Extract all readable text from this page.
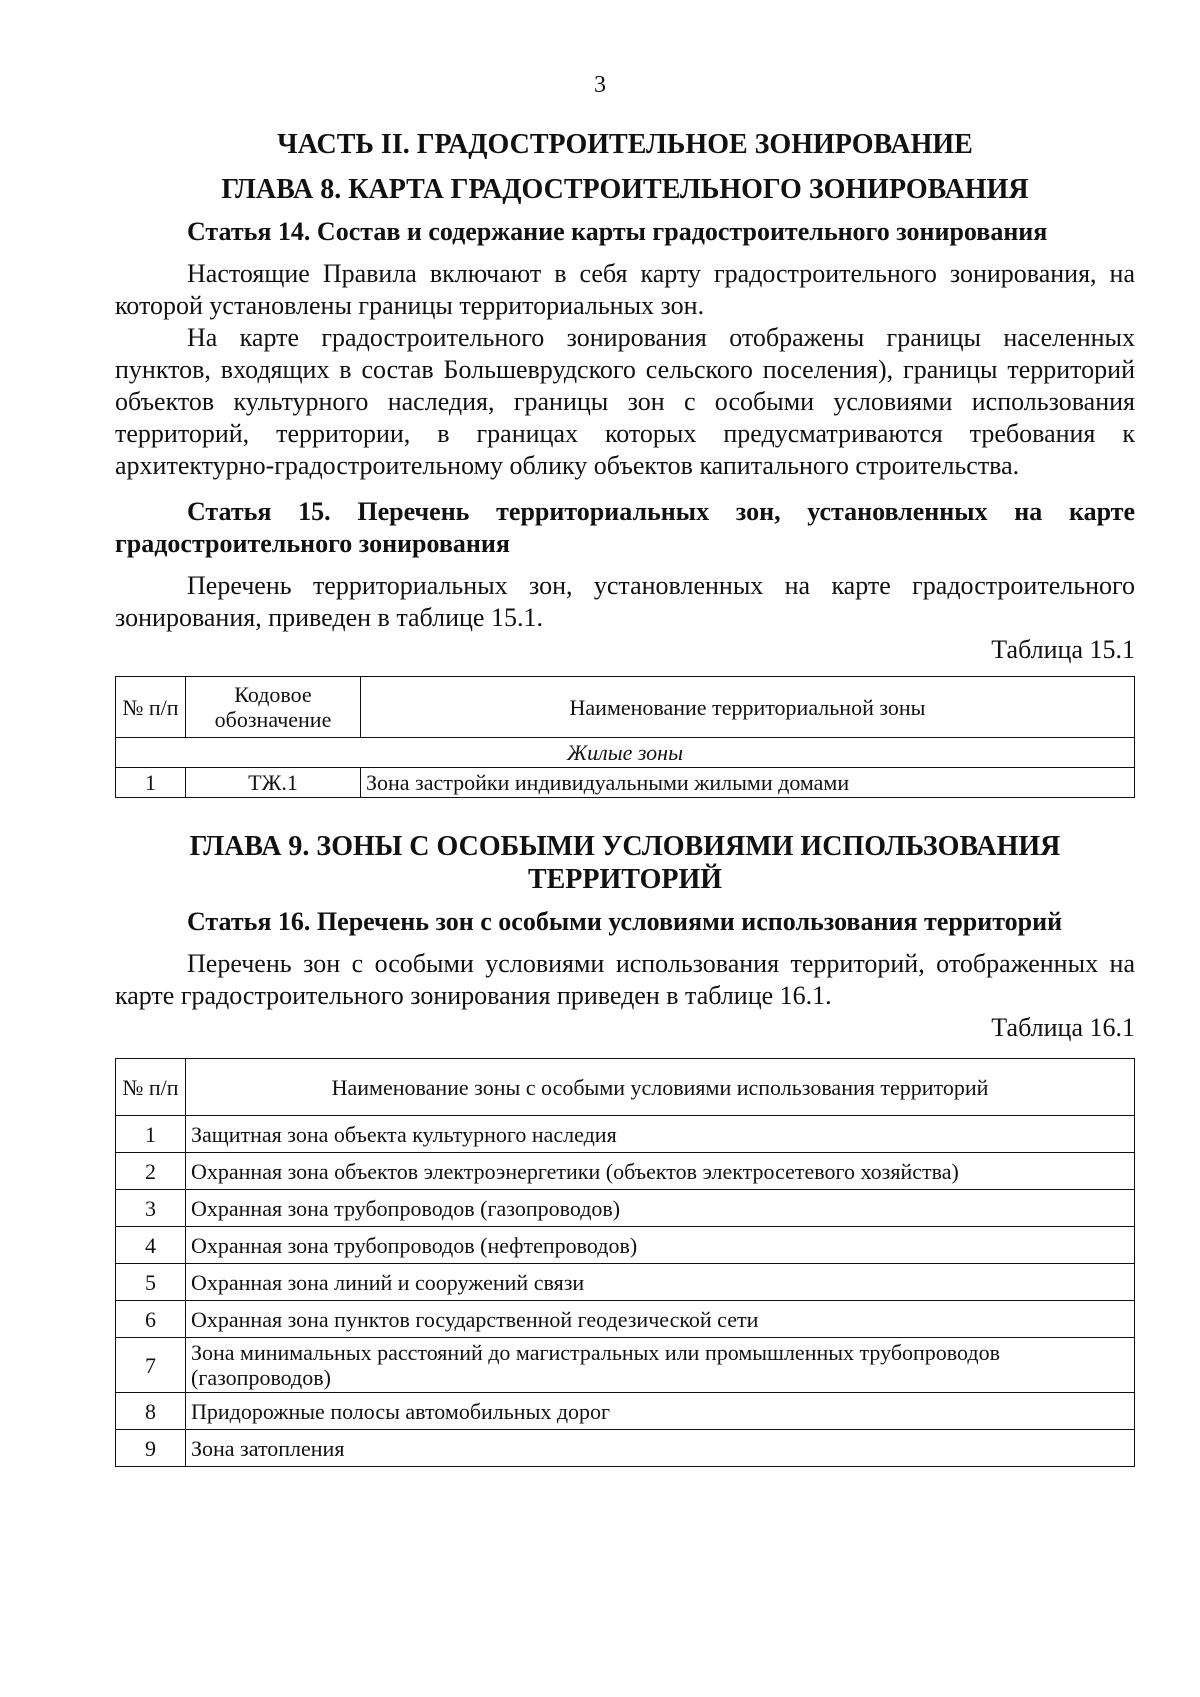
3
ЧАСТЬ II. ГРАДОСТРОИТЕЛЬНОЕ ЗОНИРОВАНИЕ
ГЛАВА 8. КАРТА ГРАДОСТРОИТЕЛЬНОГО ЗОНИРОВАНИЯ
Статья 14. Состав и содержание карты градостроительного зонирования

Настоящие Правила включают в себя карту градостроительного зонирования, на которой установлены границы территориальных зон.

На карте градостроительного зонирования отображены границы населенных пунктов, входящих в состав Большеврудского сельского поселения), границы территорий объектов культурного наследия, границы зон с особыми условиями использования территорий, территории, в границах которых предусматриваются требования к архитектурно-градостроительному облику объектов капитального строительства.

Статья 15. Перечень территориальных зон, установленных на карте градостроительного зонирования

Перечень территориальных зон, установленных на карте градостроительного зонирования, приведен в таблице 15.1.

Таблица 15.1

№ п/п	Кодовое обозначение	Наименование территориальной зоны
Жилые зоны		
1	ТЖ.1	Зона застройки индивидуальными жилыми домами
ГЛАВА 9. ЗОНЫ С ОСОБЫМИ УСЛОВИЯМИ ИСПОЛЬЗОВАНИЯ ТЕРРИТОРИЙ
Статья 16. Перечень зон с особыми условиями использования территорий

Перечень зон с особыми условиями использования территорий, отображенных на карте градостроительного зонирования приведен в таблице 16.1.

Таблица 16.1

№ п/п	Наименование зоны с особыми условиями использования территорий
1	Защитная зона объекта культурного наследия
2	Охранная зона объектов электроэнергетики (объектов электросетевого хозяйства)
3	Охранная зона трубопроводов (газопроводов)
4	Охранная зона трубопроводов (нефтепроводов)
5	Охранная зона линий и сооружений связи
6	Охранная зона пунктов государственной геодезической сети
7	Зона минимальных расстояний до магистральных или промышленных трубопроводов (газопроводов)
8	Придорожные полосы автомобильных дорог
9	Зона затопления
